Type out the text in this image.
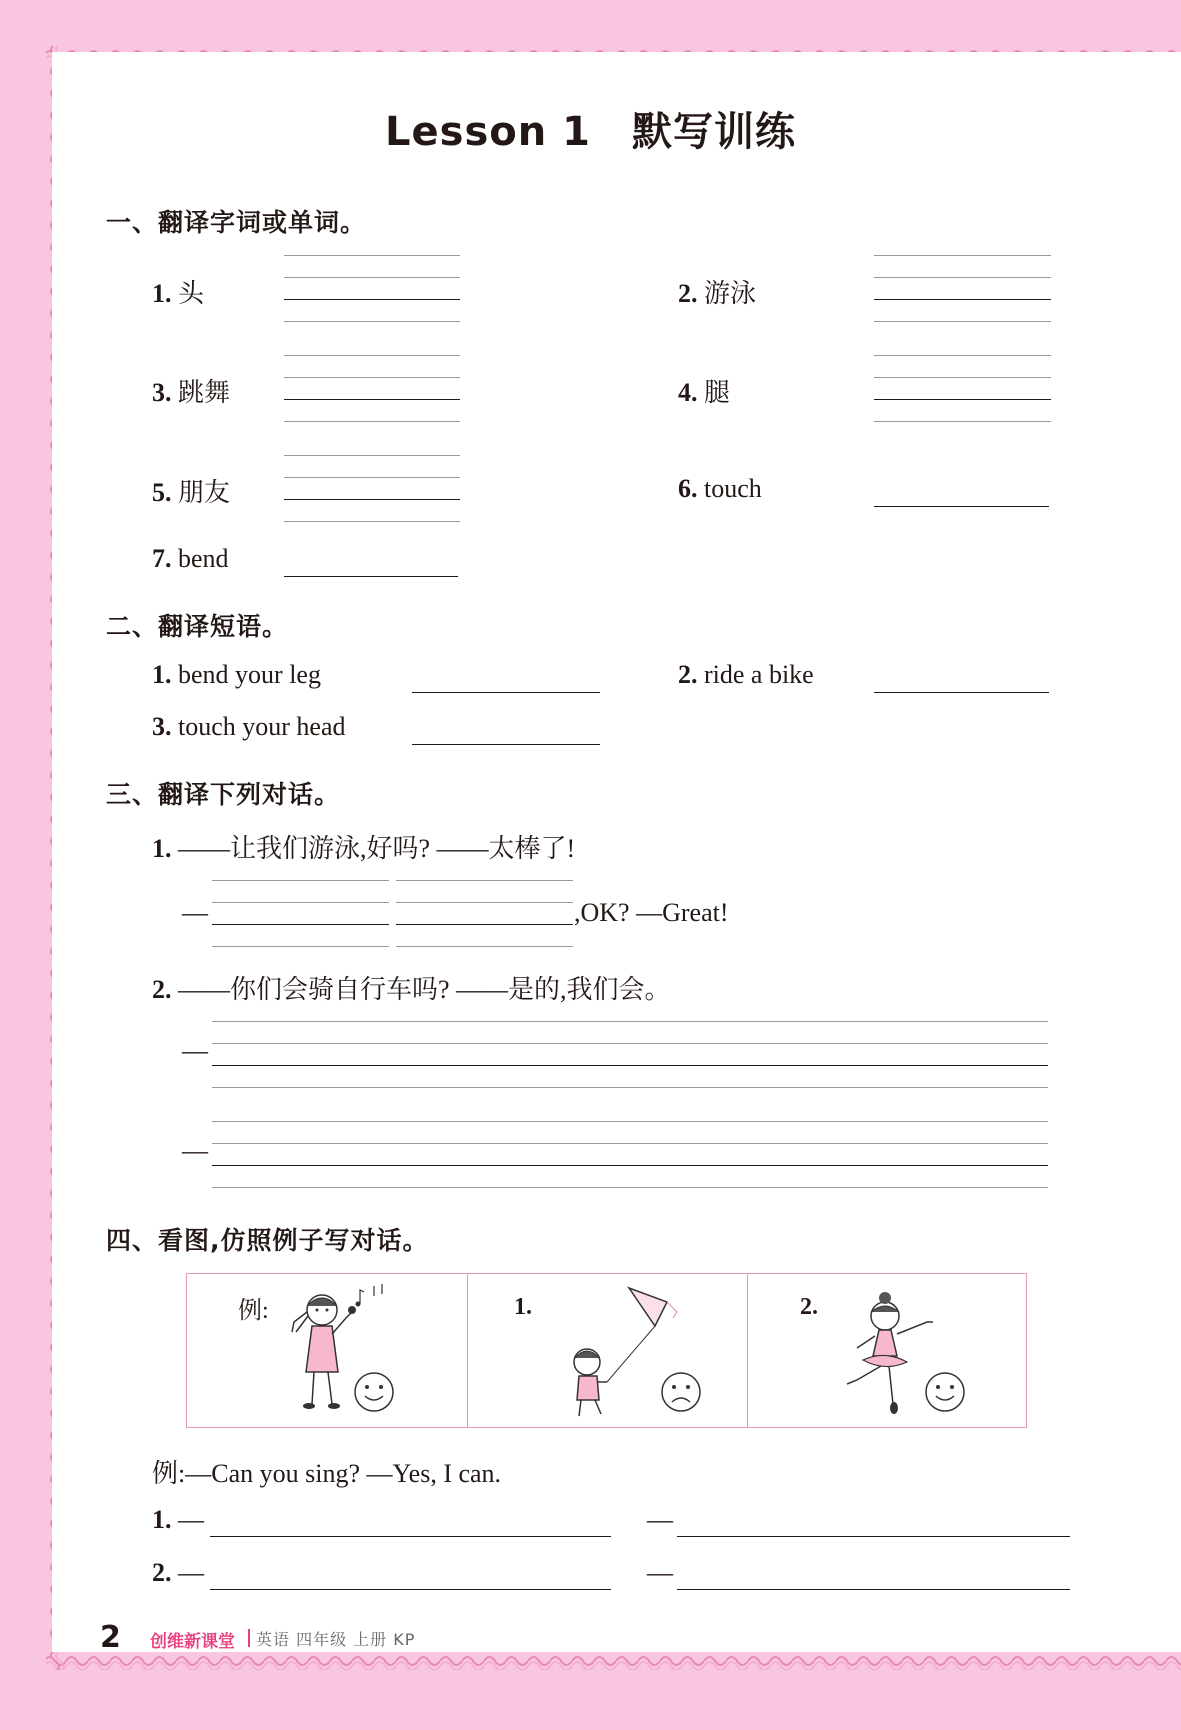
Lesson 1　默写训练
一、翻译字词或单词。
1. 头	2. 游泳
3. 跳舞	4. 腿
5. 朋友	6. touch
7. bend
二、翻译短语。
1. bend your leg	2. ride a bike
3. touch your head
三、翻译下列对话。
1. ——让我们游泳,好吗? ——太棒了!
—	,OK? —Great!
2. ——你们会骑自行车吗? ——是的,我们会。
—
—
四、看图,仿照例子写对话。
例:	1.	2.
例:—Can you sing? —Yes, I can.
1. —	—
2. —	—
2 创维新课堂 英语 四年级 上册 KP
